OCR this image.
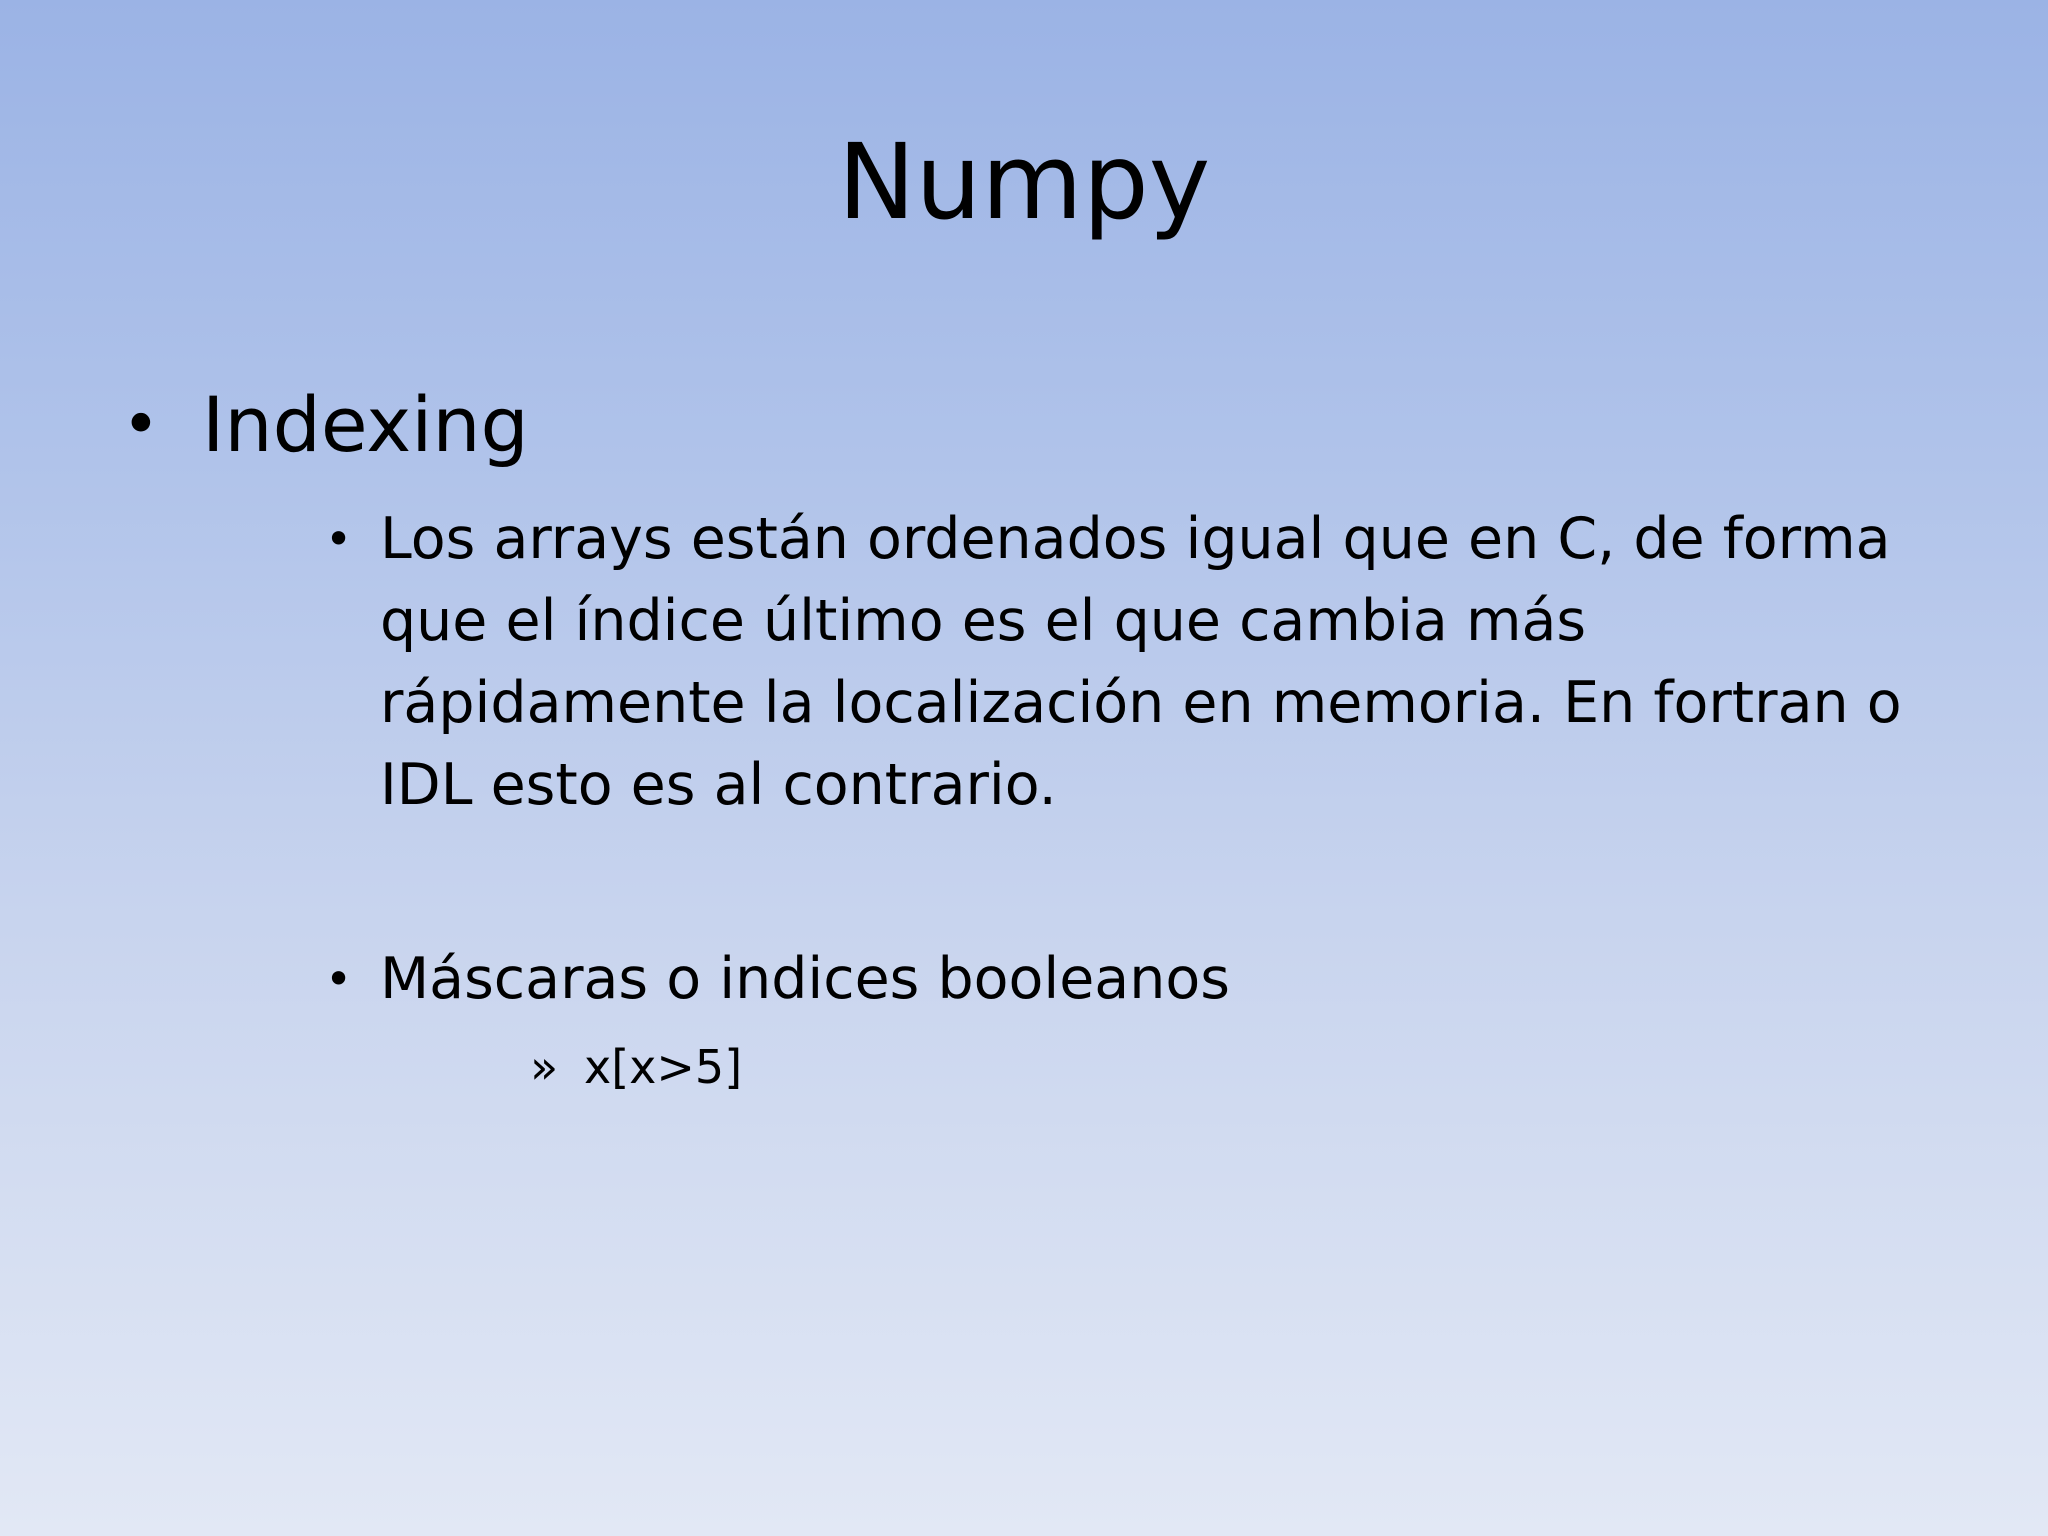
Numpy
• Indexing
• Los arrays están ordenados igual que en C, de forma que el índice último es el que cambia más rápidamente la localización en memoria. En fortran o IDL esto es al contrario.
• Máscaras o indices booleanos
» x[x>5]
